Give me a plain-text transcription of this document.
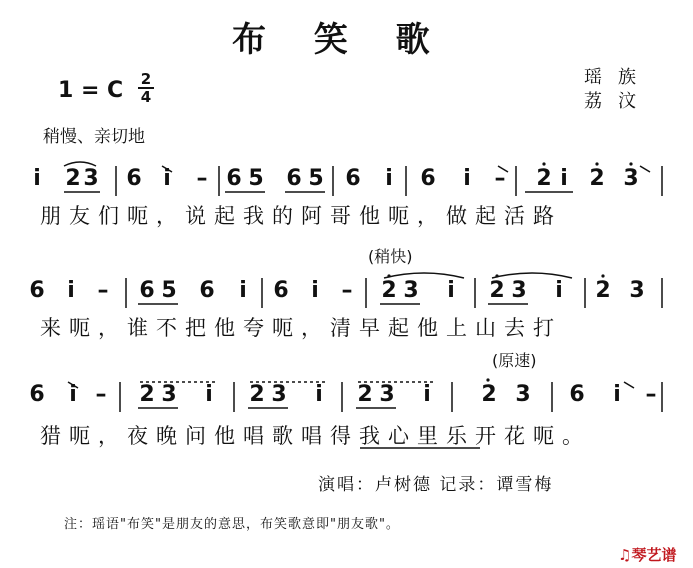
布 笑 歌
1 = C 2
4
瑶族
荔汶
稍慢、亲切地
i 2 3 6 i – 6 5 6 5 6 i 6 i – 2 i 2 3
朋友们呃，说起我的阿哥他呃，做起活路
(稍快)
6 i – 6 5 6 i 6 i – 2 3 i 2 3 i 2 3
来呃，谁不把他夸呃，清早起他上山去打
(原速)
6 i – 2 3 i 2 3 i 2 3 i 2 3 6 i –
猎呃，夜晚问他唱歌唱得我心里乐开花呃。
演唱：卢树德 记录：谭雪梅
注：瑶语"布笑"是朋友的意思，布笑歌意即"朋友歌"。
♫琴艺谱
